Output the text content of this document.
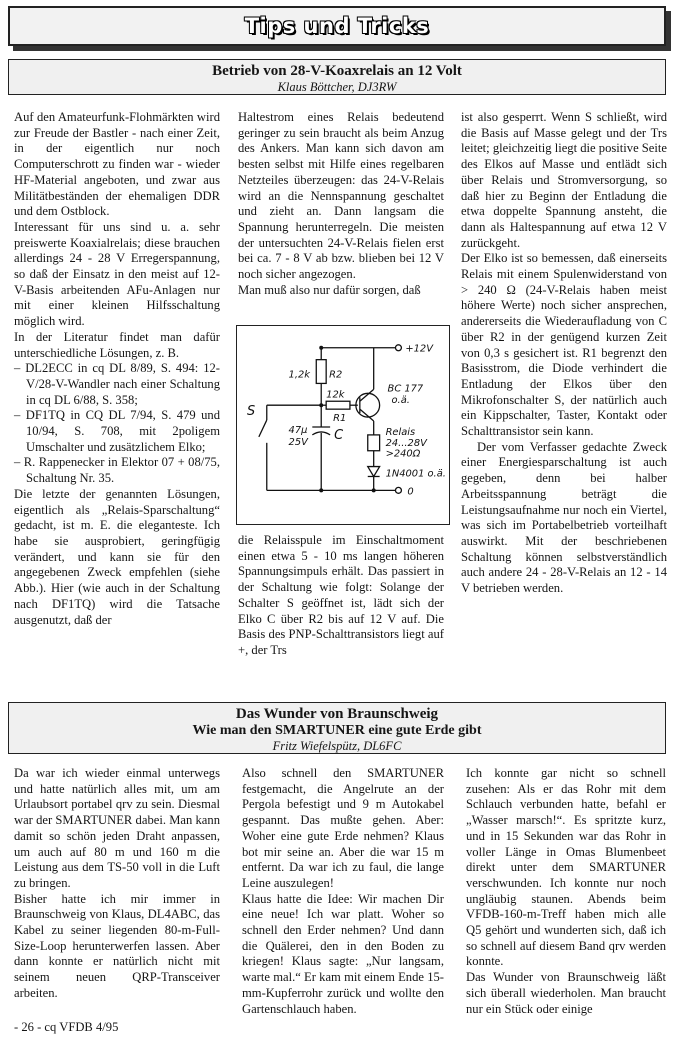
Tips und Tricks
Betrieb von 28-V-Koaxrelais an 12 Volt
Klaus Böttcher, DJ3RW

Auf den Amateurfunk-Flohmärkten wird zur Freude der Bastler - nach einer Zeit, in der eigentlich nur noch Computerschrott zu finden war - wieder HF-Material angeboten, und zwar aus Militätbeständen der ehemaligen DDR und dem Ostblock.

Interessant für uns sind u. a. sehr preiswerte Koaxialrelais; diese brauchen allerdings 24 - 28 V Erregerspannung, so daß der Einsatz in den meist auf 12-V-Basis arbeitenden AFu-Anlagen nur mit einer kleinen Hilfsschaltung möglich wird.

In der Literatur findet man dafür unterschiedliche Lösungen, z. B.

– DL2ECC in cq DL 8/89, S. 494: 12-V/28-V-Wandler nach einer Schaltung in cq DL 6/88, S. 358;
– DF1TQ in CQ DL 7/94, S. 479 und 10/94, S. 708, mit 2poligem Umschalter und zusätzlichem Elko;
– R. Rappenecker in Elektor 07 + 08/75, Schaltung Nr. 35.

Die letzte der genannten Lösungen, eigentlich als „Relais-Sparschaltung“ gedacht, ist m. E. die eleganteste. Ich habe sie ausprobiert, geringfügig verändert, und kann sie für den angegebenen Zweck empfehlen (siehe Abb.). Hier (wie auch in der Schaltung nach DF1TQ) wird die Tatsache ausgenutzt, daß der

Haltestrom eines Relais bedeutend geringer zu sein braucht als beim Anzug des Ankers. Man kann sich davon am besten selbst mit Hilfe eines regelbaren Netzteiles überzeugen: das 24-V-Relais wird an die Nennspannung geschaltet und zieht an. Dann langsam die Spannung herunterregeln. Die meisten der untersuchten 24-V-Relais fielen erst bei ca. 7 - 8 V ab bzw. blieben bei 12 V noch sicher angezogen.

Man muß also nur dafür sorgen, daß

+12V
1,2k R2
12k
R1
BC 177
o.ä.
S
47µ
25V C	Relais
24...28V
>240Ω
1N4001 o.ä.
0

die Relaisspule im Einschaltmoment einen etwa 5 - 10 ms langen höheren Spannungsimpuls erhält. Das passiert in der Schaltung wie folgt: Solange der Schalter S geöffnet ist, lädt sich der Elko C über R2 bis auf 12 V auf. Die Basis des PNP-Schalttransistors liegt auf +, der Trs

ist also gesperrt. Wenn S schließt, wird die Basis auf Masse gelegt und der Trs leitet; gleichzeitig liegt die positive Seite des Elkos auf Masse und entlädt sich über Relais und Stromversorgung, so daß hier zu Beginn der Entladung die etwa doppelte Spannung ansteht, die dann als Haltespannung auf etwa 12 V zurückgeht.

Der Elko ist so bemessen, daß einerseits Relais mit einem Spulenwiderstand von > 240 Ω (24-V-Relais haben meist höhere Werte) noch sicher ansprechen, andererseits die Wiederaufladung von C über R2 in der genügend kurzen Zeit von 0,3 s gesichert ist. R1 begrenzt den Basisstrom, die Diode verhindert die Entladung der Elkos über den Mikrofonschalter S, der natürlich auch ein Kippschalter, Taster, Kontakt oder Schalttransistor sein kann.

Der vom Verfasser gedachte Zweck einer Energiesparschaltung ist auch gegeben, denn bei halber Arbeitsspannung beträgt die Leistungsaufnahme nur noch ein Viertel, was sich im Portabelbetrieb vorteilhaft auswirkt. Mit der beschriebenen Schaltung können selbstverständlich auch andere 24 - 28-V-Relais an 12 - 14 V betrieben werden.

Das Wunder von Braunschweig
Wie man den SMARTUNER eine gute Erde gibt
Fritz Wiefelspütz, DL6FC

Da war ich wieder einmal unterwegs und hatte natürlich alles mit, um am Urlaubsort portabel qrv zu sein. Diesmal war der SMARTUNER dabei. Man kann damit so schön jeden Draht anpassen, um auch auf 80 m und 160 m die Leistung aus dem TS-50 voll in die Luft zu bringen.

Bisher hatte ich mir immer in Braunschweig von Klaus, DL4ABC, das Kabel zu seiner liegenden 80-m-Full-Size-Loop herunterwerfen lassen. Aber dann konnte er natürlich nicht mit seinem neuen QRP-Transceiver arbeiten.

Also schnell den SMARTUNER festgemacht, die Angelrute an der Pergola befestigt und 9 m Autokabel gespannt. Das mußte gehen. Aber: Woher eine gute Erde nehmen? Klaus bot mir seine an. Aber die war 15 m entfernt. Da war ich zu faul, die lange Leine auszulegen!

Klaus hatte die Idee: Wir machen Dir eine neue! Ich war platt. Woher so schnell den Erder nehmen? Und dann die Quälerei, den in den Boden zu kriegen! Klaus sagte: „Nur langsam, warte mal.“ Er kam mit einem Ende 15-mm-Kupferrohr zurück und wollte den Gartenschlauch haben.

Ich konnte gar nicht so schnell zusehen: Als er das Rohr mit dem Schlauch verbunden hatte, befahl er „Wasser marsch!“. Es spritzte kurz, und in 15 Sekunden war das Rohr in voller Länge in Omas Blumenbeet direkt unter dem SMARTUNER verschwunden. Ich konnte nur noch ungläubig staunen. Abends beim VFDB-160-m-Treff haben mich alle Q5 gehört und wunderten sich, daß ich so schnell auf diesem Band qrv werden konnte.

Das Wunder von Braunschweig läßt sich überall wiederholen. Man braucht nur ein Stück oder einige

- 26 - cq VFDB 4/95
